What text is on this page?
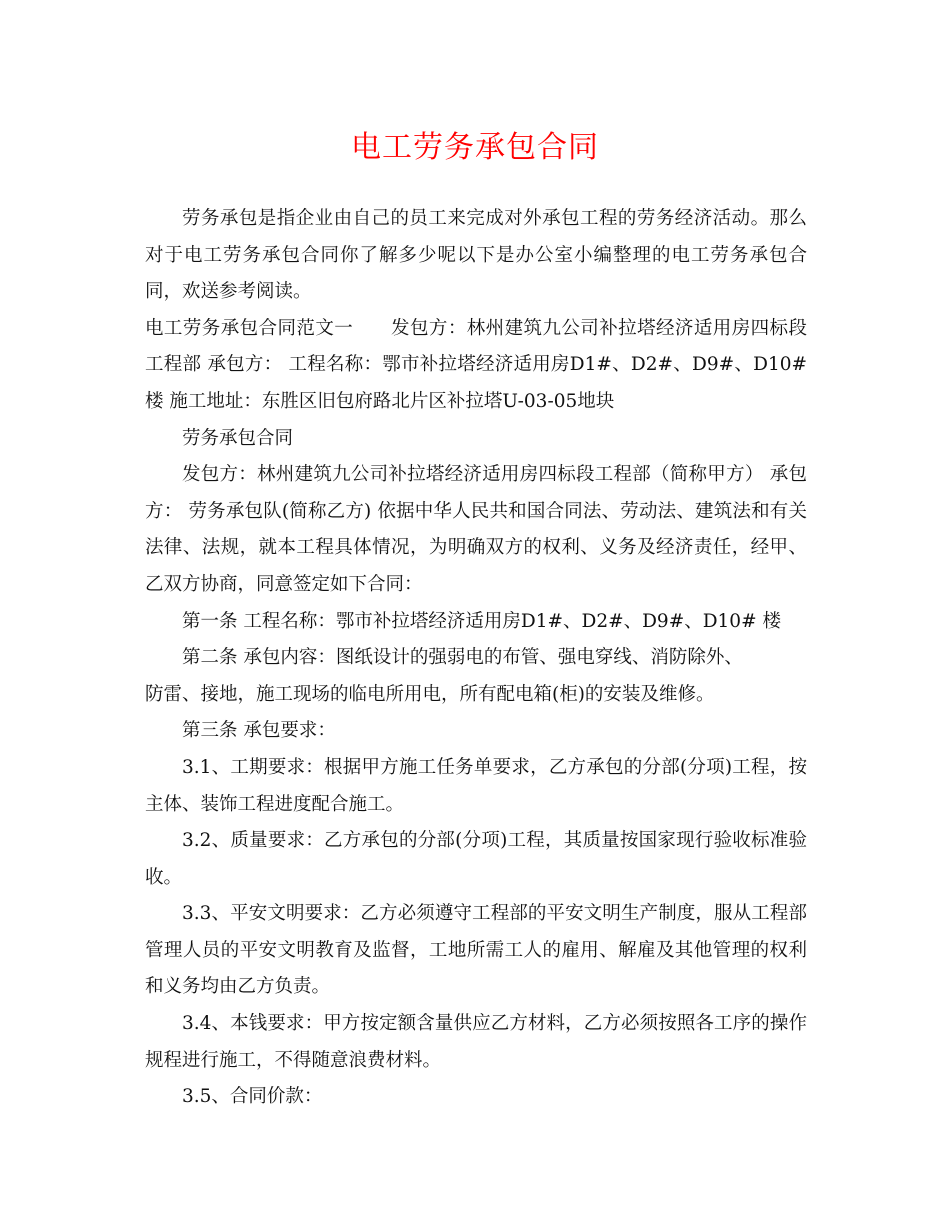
电工劳务承包合同

劳务承包是指企业由自己的员工来完成对外承包工程的劳务经济活动。那么对于电工劳务承包合同你了解多少呢以下是办公室小编整理的电工劳务承包合同，欢送参考阅读。

电工劳务承包合同范文一　　发包方：林州建筑九公司补拉塔经济适用房四标段工程部 承包方： 工程名称：鄂市补拉塔经济适用房D1#、D2#、D9#、D10#楼 施工地址：东胜区旧包府路北片区补拉塔U-03-05地块

劳务承包合同

发包方：林州建筑九公司补拉塔经济适用房四标段工程部（简称甲方） 承包方： 劳务承包队(简称乙方) 依据中华人民共和国合同法、劳动法、建筑法和有关法律、法规，就本工程具体情况，为明确双方的权利、义务及经济责任，经甲、乙双方协商，同意签定如下合同：

第一条 工程名称：鄂市补拉塔经济适用房D1#、D2#、D9#、D10# 楼

第二条 承包内容：图纸设计的强弱电的布管、强电穿线、消防除外、

防雷、接地，施工现场的临电所用电，所有配电箱(柜)的安装及维修。

第三条 承包要求：

3.1、工期要求：根据甲方施工任务单要求，乙方承包的分部(分项)工程，按主体、装饰工程进度配合施工。

3.2、质量要求：乙方承包的分部(分项)工程，其质量按国家现行验收标准验收。

3.3、平安文明要求：乙方必须遵守工程部的平安文明生产制度，服从工程部管理人员的平安文明教育及监督，工地所需工人的雇用、解雇及其他管理的权利和义务均由乙方负责。

3.4、本钱要求：甲方按定额含量供应乙方材料，乙方必须按照各工序的操作规程进行施工，不得随意浪费材料。

3.5、合同价款：
